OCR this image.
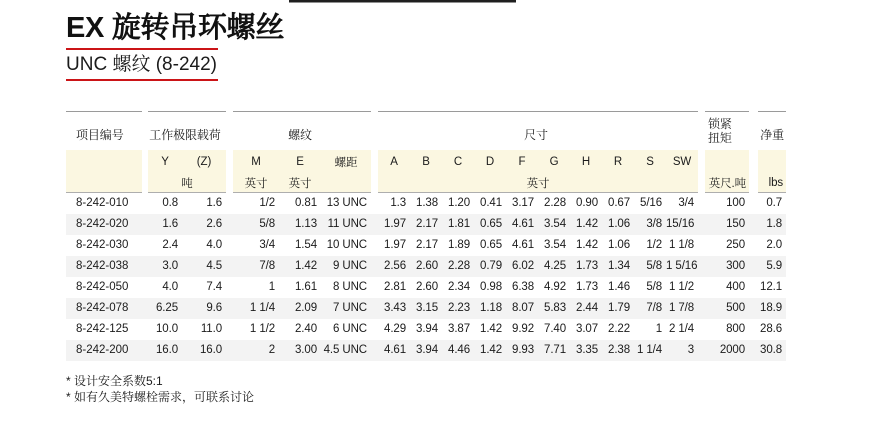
EX 旋转吊环螺丝
UNC 螺纹 (8-242)
项目编号		工作极限载荷			螺纹				尺寸											锁紧
扭矩		净重
		Y	(Z)		M	E	螺距		A	B	C	D	F	G	H	R	S	SW				
		吨			英寸	英寸			英寸											英尺.吨		lbs
8-242-010		0.8	1.6		1/2	0.81	13 UNC		1.3	1.38	1.20	0.41	3.17	2.28	0.90	0.67	5/16	3/4		100		0.7
8-242-020		1.6	2.6		5/8	1.13	11 UNC		1.97	2.17	1.81	0.65	4.61	3.54	1.42	1.06	3/8	15/16		150		1.8
8-242-030		2.4	4.0		3/4	1.54	10 UNC		1.97	2.17	1.89	0.65	4.61	3.54	1.42	1.06	1/2	1 1/8		250		2.0
8-242-038		3.0	4.5		7/8	1.42	9 UNC		2.56	2.60	2.28	0.79	6.02	4.25	1.73	1.34	5/8	1 5/16		300		5.9
8-242-050		4.0	7.4		1	1.61	8 UNC		2.81	2.60	2.34	0.98	6.38	4.92	1.73	1.46	5/8	1 1/2		400		12.1
8-242-078		6.25	9.6		1 1/4	2.09	7 UNC		3.43	3.15	2.23	1.18	8.07	5.83	2.44	1.79	7/8	1 7/8		500		18.9
8-242-125		10.0	11.0		1 1/2	2.40	6 UNC		4.29	3.94	3.87	1.42	9.92	7.40	3.07	2.22	1	2 1/4		800		28.6
8-242-200		16.0	16.0		2	3.00	4.5 UNC		4.61	3.94	4.46	1.42	9.93	7.71	3.35	2.38	1 1/4	3		2000		30.8
* 设计安全系数5:1
* 如有久美特螺栓需求，可联系讨论
